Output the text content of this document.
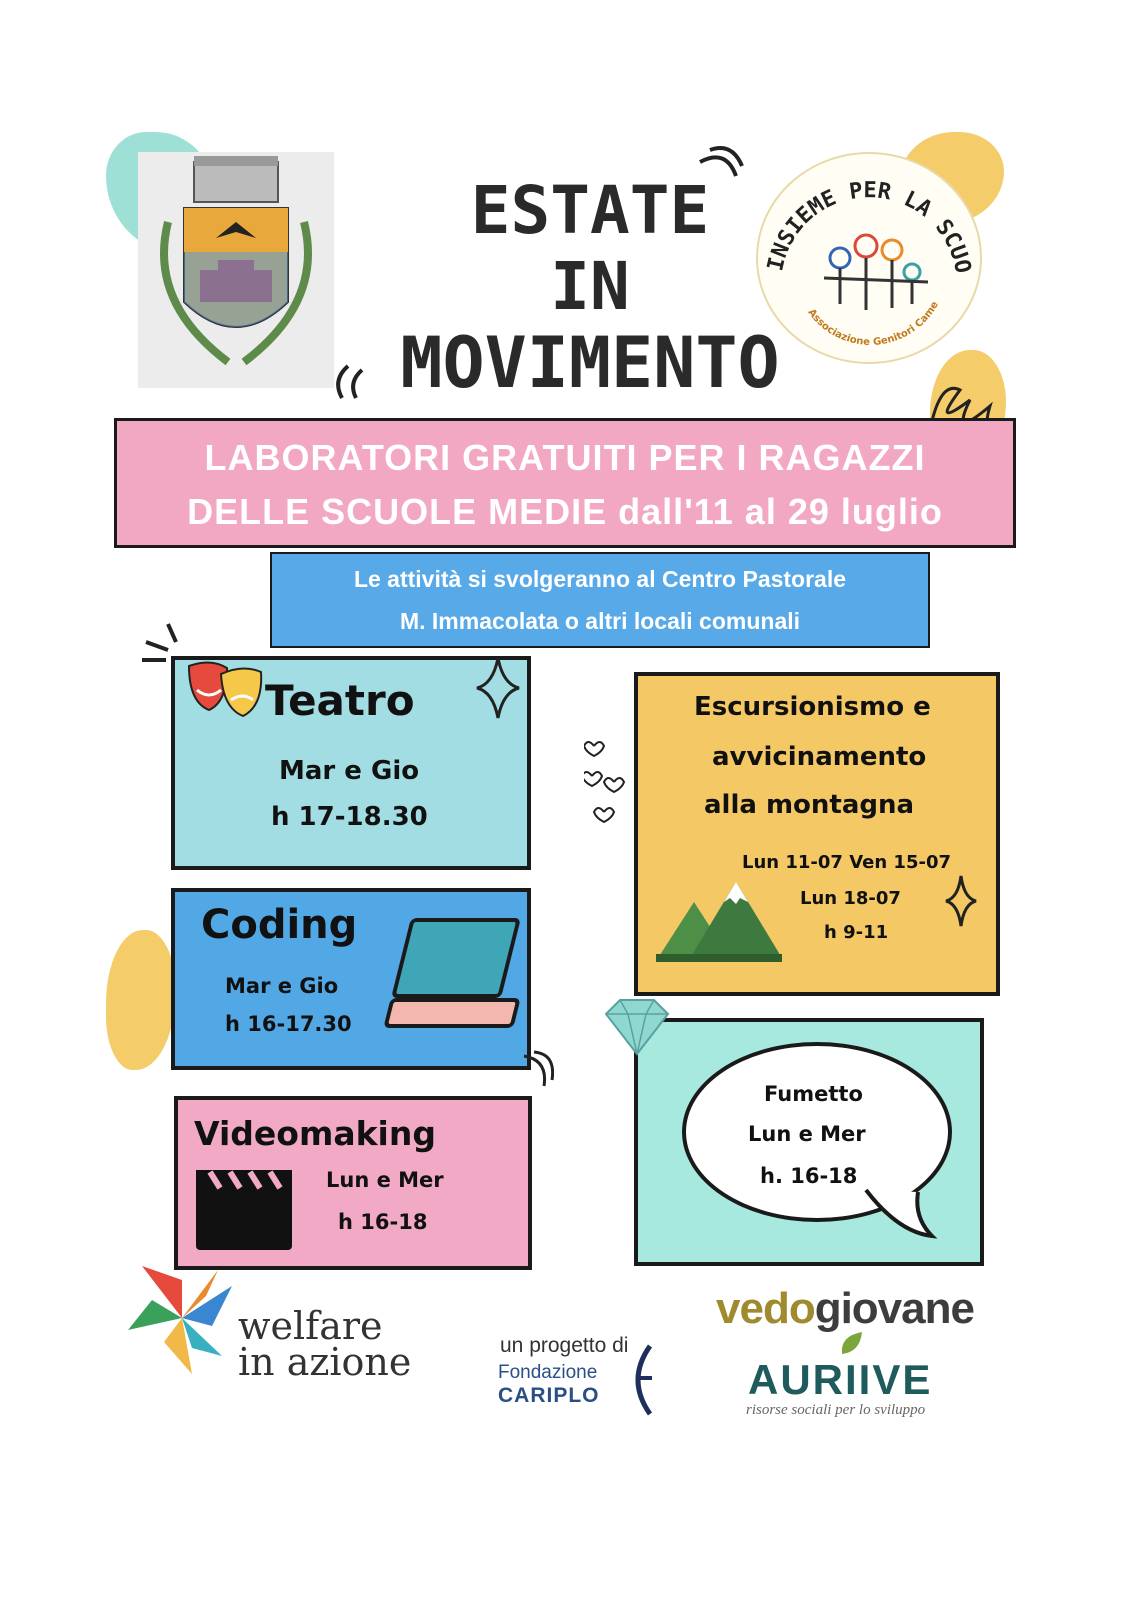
ESTATE
IN
MOVIMENTO
INSIEME PER LA SCUO
Associazione Genitori Came
LABORATORI GRATUITI PER I RAGAZZI
DELLE SCUOLE MEDIE dall'11 al 29 luglio
Le attività si svolgeranno al Centro Pastorale
M. Immacolata o altri locali comunali
Teatro
Mar e Gio
h 17-18.30
Escursionismo e
avvicinamento
alla montagna
Lun 11-07 Ven 15-07
Lun 18-07
h 9-11
Coding
Mar e Gio
h 16-17.30
Fumetto
Lun e Mer
h. 16-18
Videomaking
Lun e Mer
h 16-18
welfare
in azione	un progetto di
Fondazione
CARIPLO
vedogiovane
AURIIVE
risorse sociali per lo sviluppo
